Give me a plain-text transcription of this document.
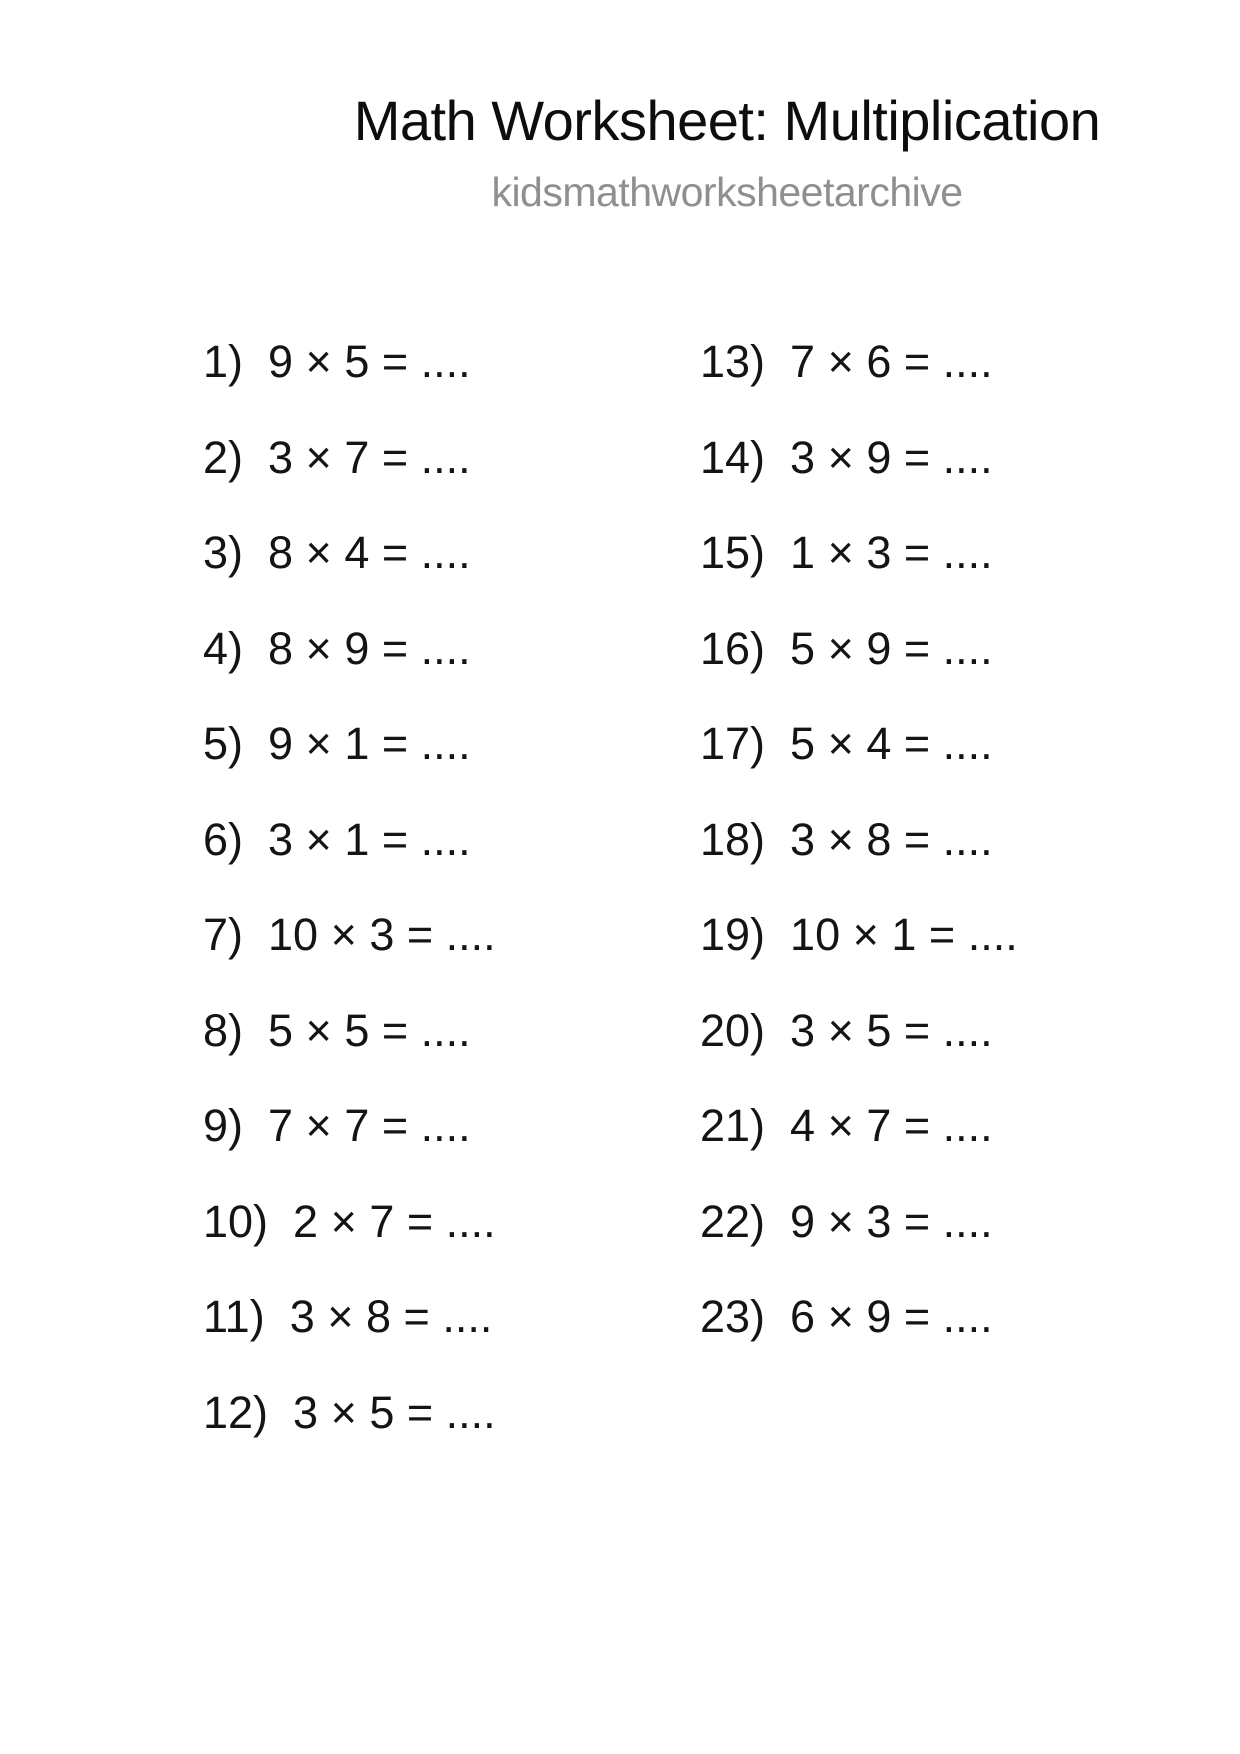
Math Worksheet: Multiplication
kidsmathworksheetarchive
1) 9 × 5 = ....
2) 3 × 7 = ....
3) 8 × 4 = ....
4) 8 × 9 = ....
5) 9 × 1 = ....
6) 3 × 1 = ....
7) 10 × 3 = ....
8) 5 × 5 = ....
9) 7 × 7 = ....
10) 2 × 7 = ....
11) 3 × 8 = ....
12) 3 × 5 = ....
13) 7 × 6 = ....
14) 3 × 9 = ....
15) 1 × 3 = ....
16) 5 × 9 = ....
17) 5 × 4 = ....
18) 3 × 8 = ....
19) 10 × 1 = ....
20) 3 × 5 = ....
21) 4 × 7 = ....
22) 9 × 3 = ....
23) 6 × 9 = ....
